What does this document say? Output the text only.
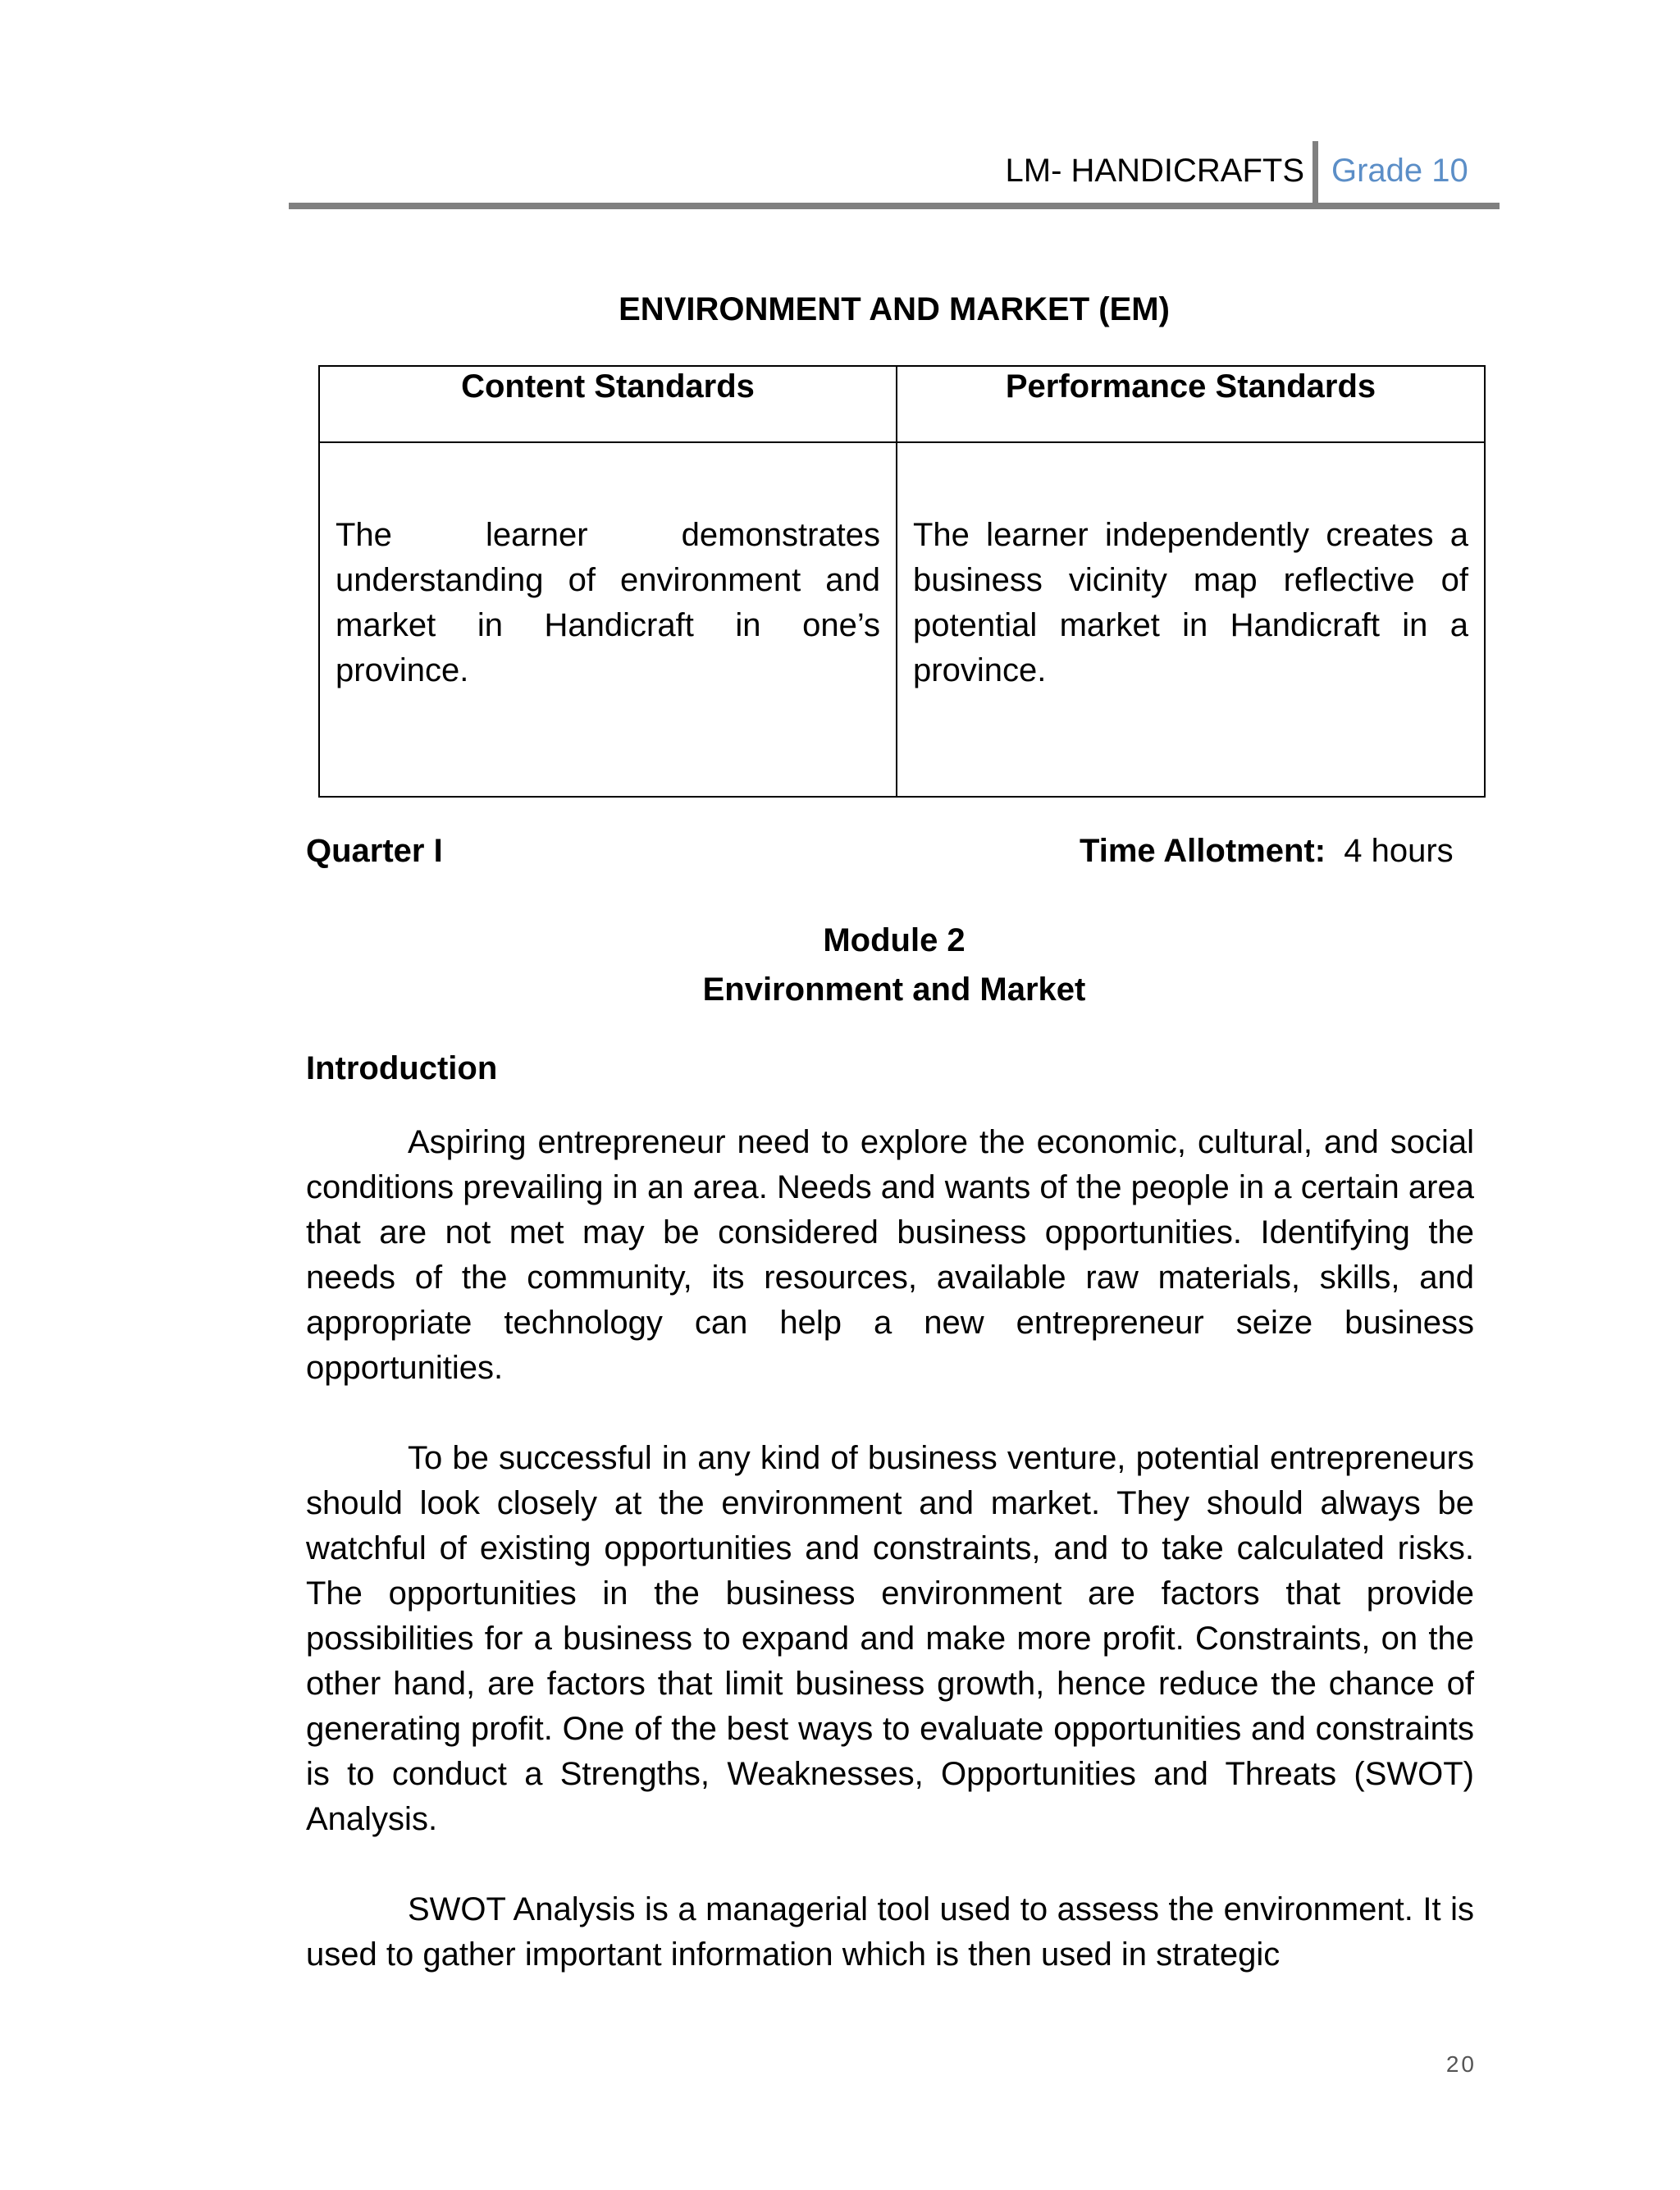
LM- HANDICRAFTS Grade 10
ENVIRONMENT AND MARKET (EM)
Content Standards	Performance Standards
The learner demonstrates understanding of environment and market in Handicraft in one’s province.	The learner independently creates a business vicinity map reflective of potential market in Handicraft in a province.
Quarter I	Time Allotment: 4 hours
Module 2
Environment and Market
Introduction
Aspiring entrepreneur need to explore the economic, cultural, and social conditions prevailing in an area. Needs and wants of the people in a certain area that are not met may be considered business opportunities. Identifying the needs of the community, its resources, available raw materials, skills, and appropriate technology can help a new entrepreneur seize business opportunities.
To be successful in any kind of business venture, potential entrepreneurs should look closely at the environment and market. They should always be watchful of existing opportunities and constraints, and to take calculated risks. The opportunities in the business environment are factors that provide possibilities for a business to expand and make more profit. Constraints, on the other hand, are factors that limit business growth, hence reduce the chance of generating profit. One of the best ways to evaluate opportunities and constraints is to conduct a Strengths, Weaknesses, Opportunities and Threats (SWOT) Analysis.
SWOT Analysis is a managerial tool used to assess the environment. It is used to gather important information which is then used in strategic
20
